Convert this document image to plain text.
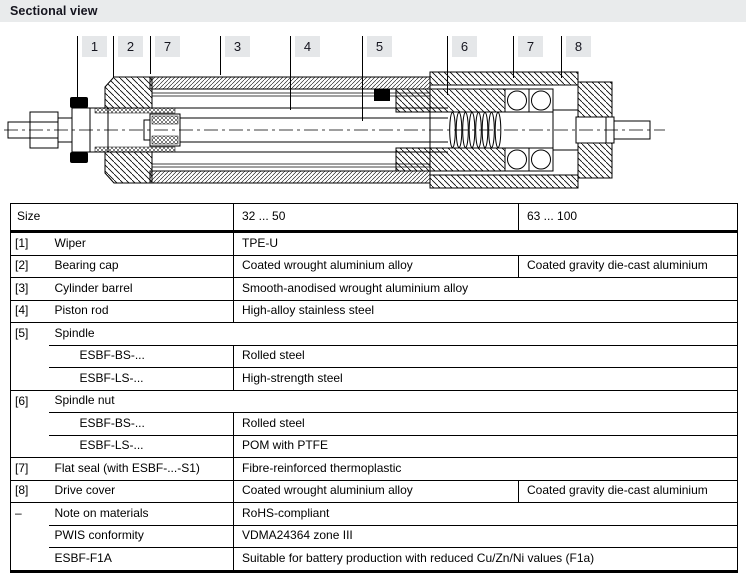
Sectional view
1	2	7	3	4	5	6	7	8
Size		32 ... 50	63 ... 100
[1]	Wiper	TPE-U	
[2]	Bearing cap	Coated wrought aluminium alloy	Coated gravity die-cast aluminium
[3]	Cylinder barrel	Smooth-anodised wrought aluminium alloy	
[4]	Piston rod	High-alloy stainless steel	
[5]	Spindle		
	ESBF-BS-...	Rolled steel	
	ESBF-LS-...	High-strength steel	
[6]	Spindle nut		
	ESBF-BS-...	Rolled steel	
	ESBF-LS-...	POM with PTFE	
[7]	Flat seal (with ESBF-...-S1)	Fibre-reinforced thermoplastic	
[8]	Drive cover	Coated wrought aluminium alloy	Coated gravity die-cast aluminium
–	Note on materials	RoHS-compliant	
	PWIS conformity	VDMA24364 zone III	
	ESBF-F1A	Suitable for battery production with reduced Cu/Zn/Ni values (F1a)	
